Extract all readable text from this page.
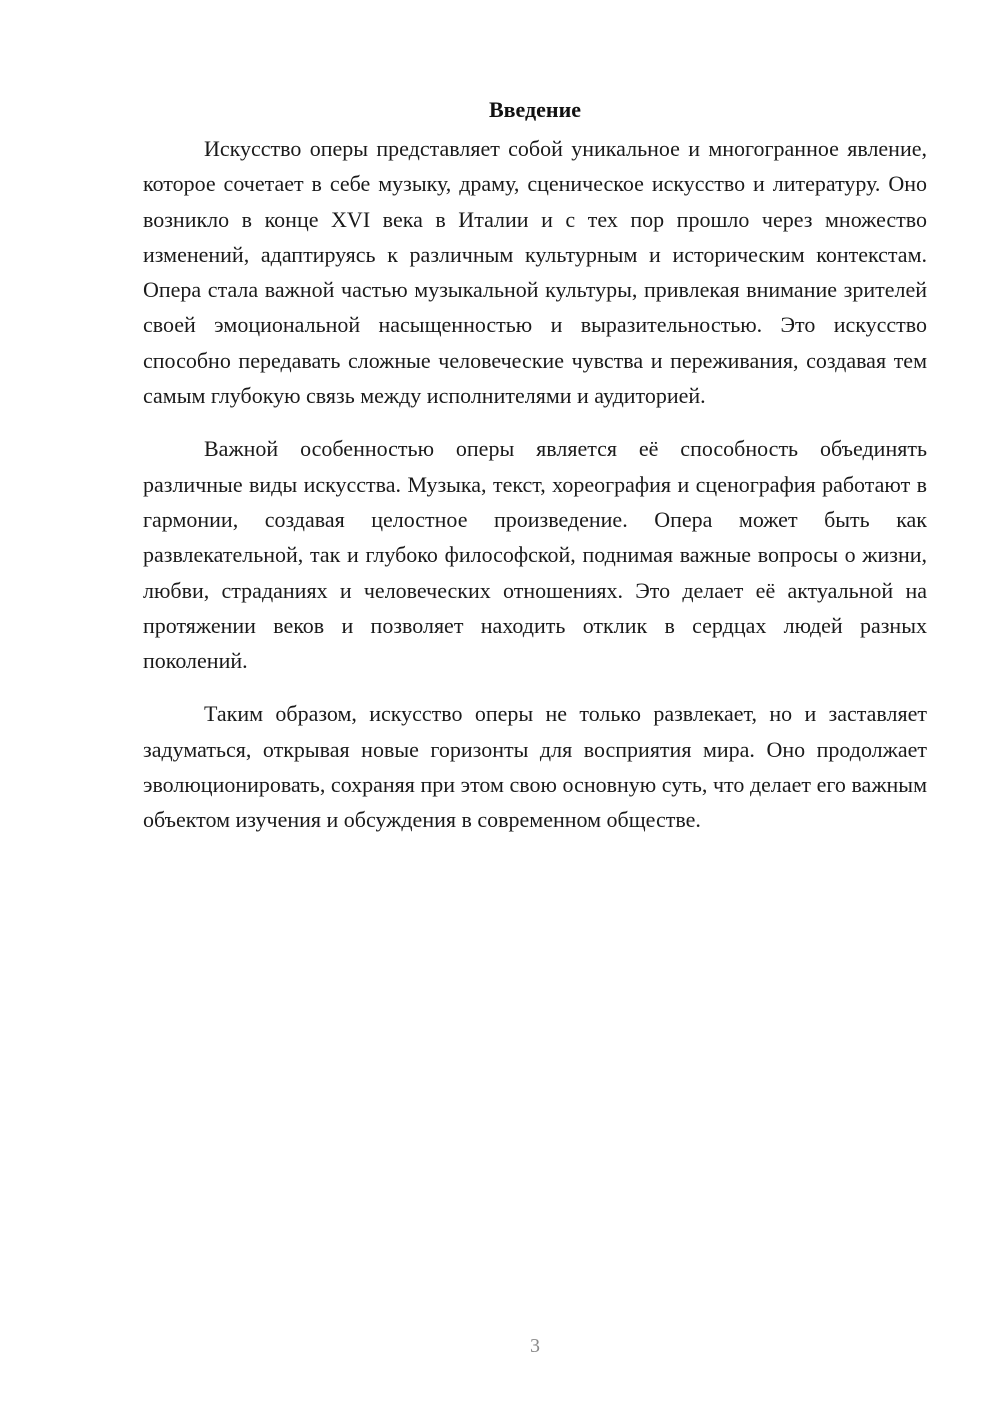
Введение

Искусство оперы представляет собой уникальное и многогранное явление, которое сочетает в себе музыку, драму, сценическое искусство и литературу. Оно возникло в конце XVI века в Италии и с тех пор прошло через множество изменений, адаптируясь к различным культурным и историческим контекстам. Опера стала важной частью музыкальной культуры, привлекая внимание зрителей своей эмоциональной насыщенностью и выразительностью. Это искусство способно передавать сложные человеческие чувства и переживания, создавая тем самым глубокую связь между исполнителями и аудиторией.

Важной особенностью оперы является её способность объединять различные виды искусства. Музыка, текст, хореография и сценография работают в гармонии, создавая целостное произведение. Опера может быть как развлекательной, так и глубоко философской, поднимая важные вопросы о жизни, любви, страданиях и человеческих отношениях. Это делает её актуальной на протяжении веков и позволяет находить отклик в сердцах людей разных поколений.

Таким образом, искусство оперы не только развлекает, но и заставляет задуматься, открывая новые горизонты для восприятия мира. Оно продолжает эволюционировать, сохраняя при этом свою основную суть, что делает его важным объектом изучения и обсуждения в современном обществе.

3
